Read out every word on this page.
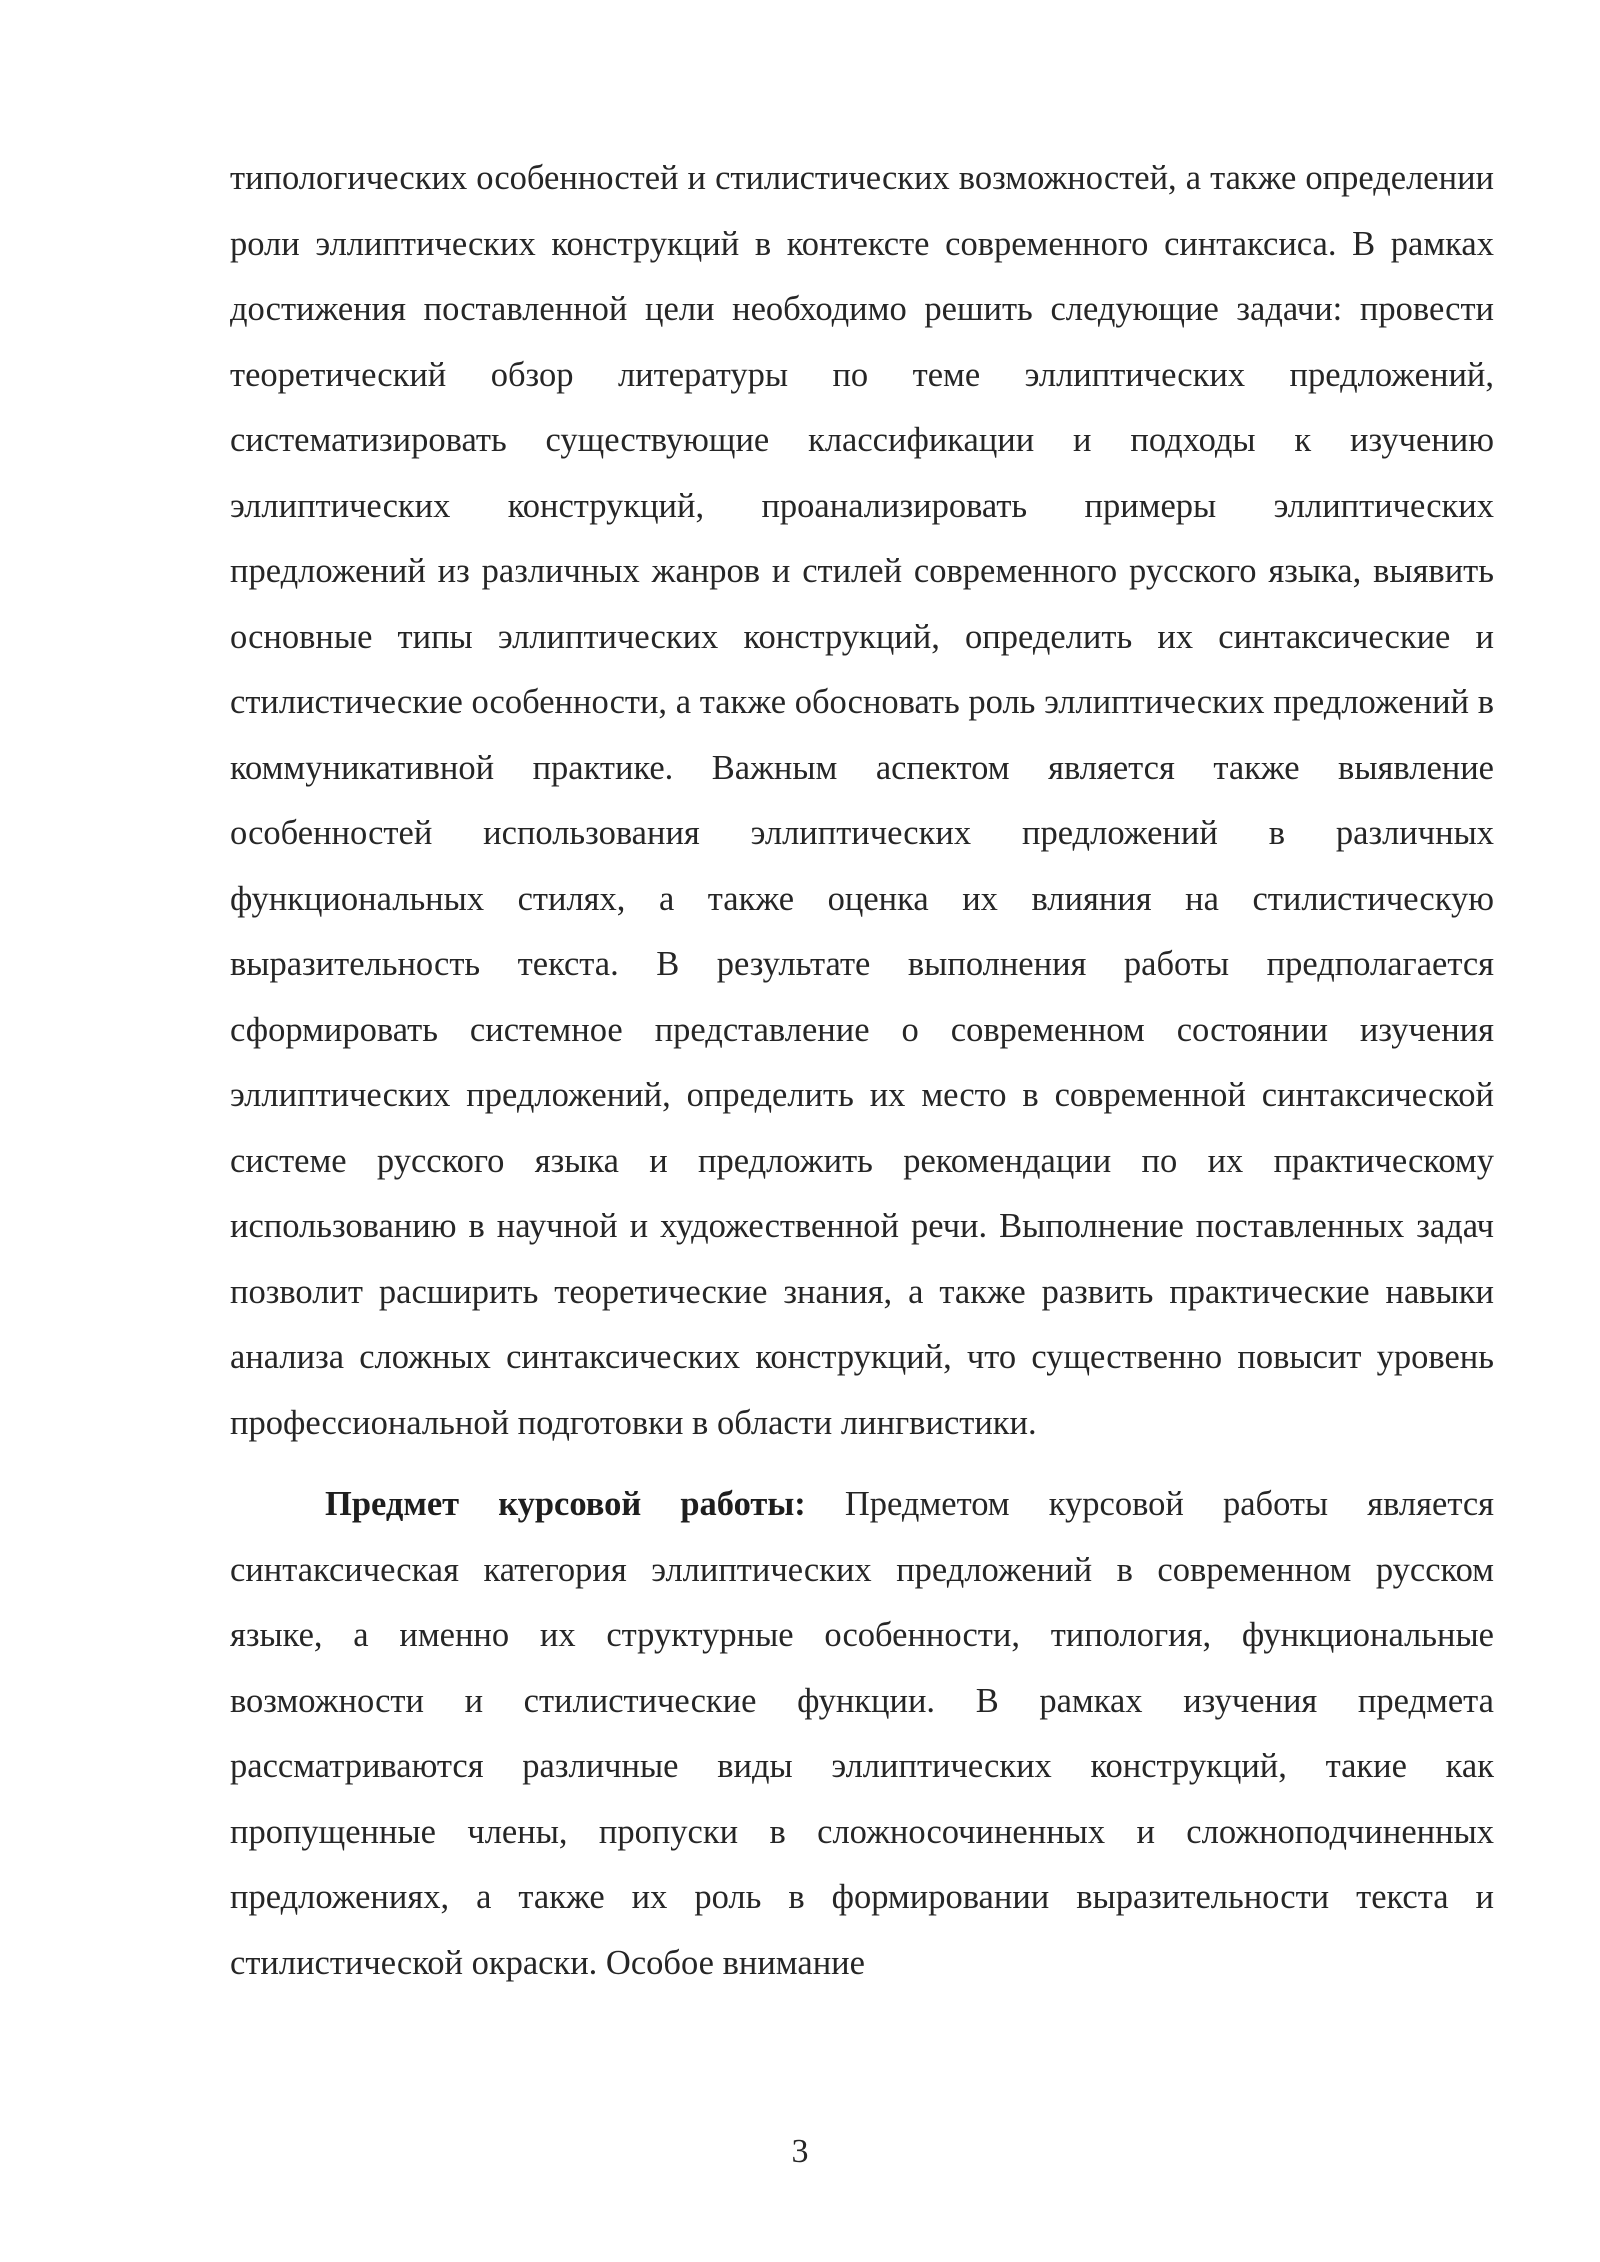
типологических особенностей и стилистических возможностей, а также определении роли эллиптических конструкций в контексте современного синтаксиса. В рамках достижения поставленной цели необходимо решить следующие задачи: провести теоретический обзор литературы по теме эллиптических предложений, систематизировать существующие классификации и подходы к изучению эллиптических конструкций, проанализировать примеры эллиптических предложений из различных жанров и стилей современного русского языка, выявить основные типы эллиптических конструкций, определить их синтаксические и стилистические особенности, а также обосновать роль эллиптических предложений в коммуникативной практике. Важным аспектом является также выявление особенностей использования эллиптических предложений в различных функциональных стилях, а также оценка их влияния на стилистическую выразительность текста. В результате выполнения работы предполагается сформировать системное представление о современном состоянии изучения эллиптических предложений, определить их место в современной синтаксической системе русского языка и предложить рекомендации по их практическому использованию в научной и художественной речи. Выполнение поставленных задач позволит расширить теоретические знания, а также развить практические навыки анализа сложных синтаксических конструкций, что существенно повысит уровень профессиональной подготовки в области лингвистики.

Предмет курсовой работы: Предметом курсовой работы является синтаксическая категория эллиптических предложений в современном русском языке, а именно их структурные особенности, типология, функциональные возможности и стилистические функции. В рамках изучения предмета рассматриваются различные виды эллиптических конструкций, такие как пропущенные члены, пропуски в сложносочиненных и сложноподчиненных предложениях, а также их роль в формировании выразительности текста и стилистической окраски. Особое внимание

3
